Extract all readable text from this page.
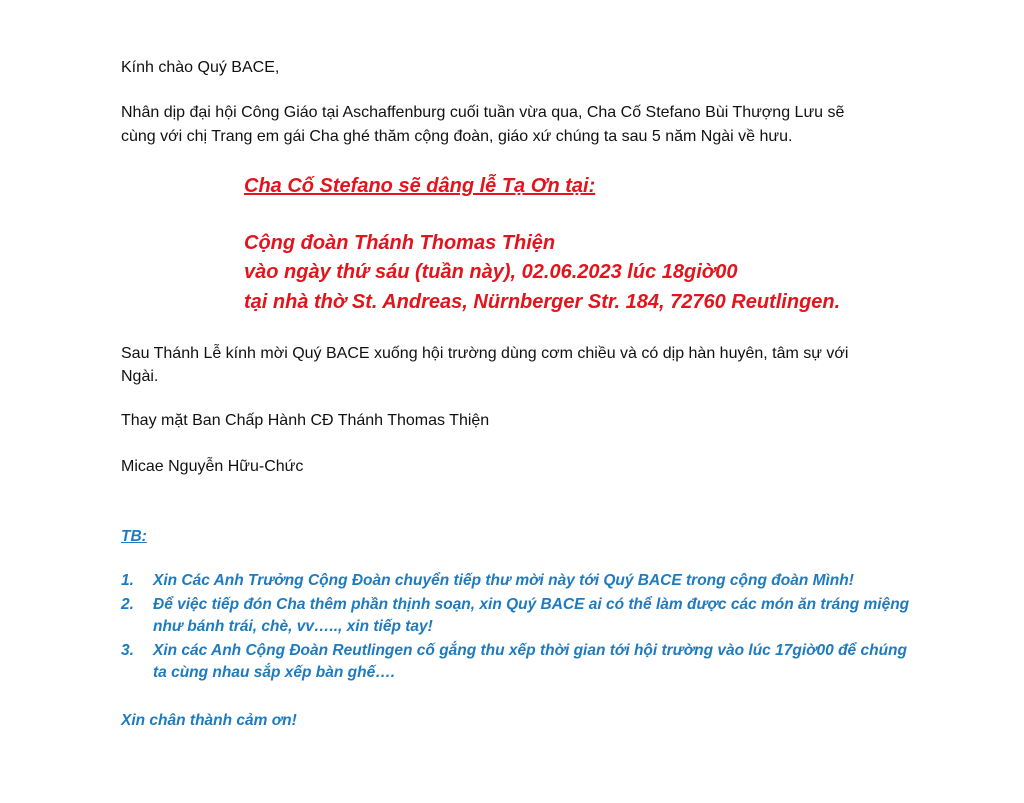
Kính chào Quý BACE,

Nhân dịp đại hội Công Giáo tại Aschaffenburg cuối tuần vừa qua, Cha Cố Stefano Bùi Thượng Lưu sẽ

cùng với chị Trang em gái Cha ghé thăm cộng đoàn, giáo xứ chúng ta sau 5 năm Ngài về hưu.

Cha Cố Stefano sẽ dâng lễ Tạ Ơn tại:

Cộng đoàn Thánh Thomas Thiện

vào ngày thứ sáu (tuần này), 02.06.2023 lúc 18giờ00

tại nhà thờ St. Andreas, Nürnberger Str. 184, 72760 Reutlingen.

Sau Thánh Lễ kính mời Quý BACE xuống hội trường dùng cơm chiều và có dịp hàn huyên, tâm sự với

Ngài.

Thay mặt Ban Chấp Hành CĐ Thánh Thomas Thiện

Micae Nguyễn Hữu-Chức

TB:

1. Xin Các Anh Trưởng Cộng Đoàn chuyển tiếp thư mời này tới Quý BACE trong cộng đoàn Mình!
2. Để việc tiếp đón Cha thêm phần thịnh soạn, xin Quý BACE ai có thể làm được các món ăn tráng miệng như bánh trái, chè, vv….., xin tiếp tay!
3. Xin các Anh Cộng Đoàn Reutlingen cố gắng thu xếp thời gian tới hội trường vào lúc 17giờ00 để chúng ta cùng nhau sắp xếp bàn ghế….

Xin chân thành cảm ơn!
